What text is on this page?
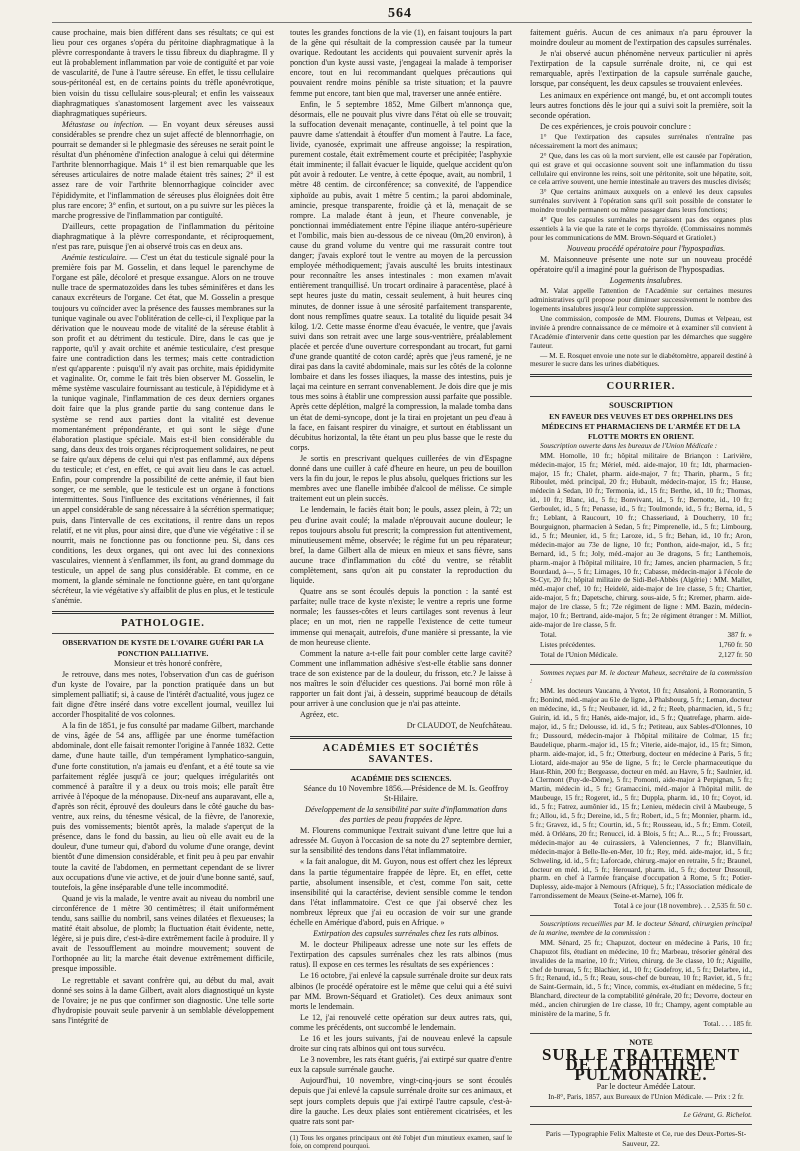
564

cause prochaine, mais bien différent dans ses résultats; ce qui est lieu pour ces organes s'opéra du péritoine diaphragmatique à la plèvre correspondante à travers le tissu fibreux du diaphragme. Il y eut là probablement inflammation par voie de contiguïté et par voie de vascularité, de l'une à l'autre séreuse. En effet, le tissu cellulaire sous-péritonéal est, en de certains points du trèfle aponévrotique, bien voisin du tissu cellulaire sous-pleural; et enfin les vaisseaux diaphragmatiques s'anastomosent largement avec les vaisseaux diaphragmatiques supérieurs.

Métastase ou infection. — En voyant deux séreuses aussi considérables se prendre chez un sujet affecté de blennorrhagie, on pourrait se demander si le phlegmasie des séreuses ne serait point le résultat d'un phénomène d'infection analogue à celui qui détermine l'arthrite blennorrhagique. Mais 1° il est bien remarquable que les séreuses articulaires de notre malade étaient très saines; 2° il est assez rare de voir l'arthrite blennorrhagique coïncider avec l'épididymite, et l'inflammation de séreuses plus éloignées doit être plus rare encore; 3° enfin, et surtout, on a pu suivre sur les pièces la marche progressive de l'inflammation par contiguïté.

D'ailleurs, cette propagation de l'inflammation du péritoine diaphragmatique à la plèvre correspondante, et réciproquement, n'est pas rare, puisque j'en ai observé trois cas en deux ans.

Anémie testiculaire. — C'est un état du testicule signalé pour la première fois par M. Gosselin, et dans lequel le parenchyme de l'organe est pâle, décoloré et presque exsangue. Alors on ne trouve nulle trace de spermatozoïdes dans les tubes séminifères et dans les canaux excréteurs de l'organe. Cet état, que M. Gosselin a presque toujours vu coïncider avec la présence des fausses membranes sur la tunique vaginale ou avec l'oblitération de celle-ci, il l'explique par la dérivation que le nouveau mode de vitalité de la séreuse établit à son profit et au détriment du testicule. Dire, dans le cas que je rapporte, qu'il y avait orchite et anémie testiculaire, c'est presque faire une contradiction dans les termes; mais cette contradiction n'est qu'apparente : puisqu'il n'y avait pas orchite, mais épididymite et vaginalite. Or, comme le fait très bien observer M. Gosselin, le même système vasculaire fournissant au testicule, à l'épididyme et à la tunique vaginale, l'inflammation de ces deux derniers organes doit faire que la plus grande partie du sang contenue dans le système se rend aux parties dont la vitalité est devenue momentanément prépondérante, et qui sont le siège d'une élaboration plastique spéciale. Mais est-il bien considérable du sang, dans deux des trois organes réciproquement solidaires, ne peut se faire qu'aux dépens de celui qui n'est pas enflammé, aux dépens du testicule; et c'est, en effet, ce qui avait lieu dans le cas actuel. Enfin, pour comprendre la possibilité de cette anémie, il faut bien songer, ce me semble, que le testicule est un organe à fonctions intermittentes. Sous l'influence des excitations vénériennes, il fait un appel considérable de sang nécessaire à la sécrétion spermatique; puis, dans l'intervalle de ces excitations, il rentre dans un repos relatif, et ne vit plus, pour ainsi dire, que d'une vie végétative : il se nourrit, mais ne fonctionne pas ou fonctionne peu. Si, dans ces conditions, les deux organes, qui ont avec lui des connexions vasculaires, viennent à s'enflammer, ils font, au grand dommage du testicule, un appel de sang plus considérable. Et comme, en ce moment, la glande séminale ne fonctionne guère, en tant qu'organe sécréteur, la vie végétative s'y affaiblit de plus en plus, et le testicule s'anémie.

PATHOLOGIE.
OBSERVATION DE KYSTE DE L'OVAIRE GUÉRI PAR LA PONCTION PALLIATIVE.

Monsieur et très honoré confrère,

Je retrouve, dans mes notes, l'observation d'un cas de guérison d'un kyste de l'ovaire, par la ponction pratiquée dans un but simplement palliatif; si, à cause de l'intérêt d'actualité, vous jugez ce fait digne d'être inséré dans votre excellent journal, veuillez lui accorder l'hospitalité de vos colonnes.

A la fin de 1851, je fus consulté par madame Gilbert, marchande de vins, âgée de 54 ans, affligée par une énorme tuméfaction abdominale, dont elle faisait remonter l'origine à l'année 1832. Cette dame, d'une haute taille, d'un tempérament lymphatico-sanguin, d'une forte constitution, n'a jamais eu d'enfant, et a été toute sa vie parfaitement réglée jusqu'à ce jour; quelques irrégularités ont commencé à paraître il y a deux ou trois mois; elle paraît être arrivée à l'époque de la ménopause. Dix-neuf ans auparavant, elle a, d'après son récit, éprouvé des douleurs dans le côté gauche du bas-ventre, aux reins, du ténesme vésical, de la fièvre, de l'anorexie, puis des vomissements; bientôt après, la malade s'aperçut de la présence, dans le fond du bassin, au lieu où elle avait eu de la douleur, d'une tumeur qui, d'abord du volume d'une orange, devint bientôt d'une dimension considérable, et finit peu à peu par envahir toute la cavité de l'abdomen, en permettant cependant de se livrer aux occupations d'une vie active, et de jouir d'une bonne santé, sauf, toutefois, la gêne inséparable d'une telle incommodité.

Quand je vis la malade, le ventre avait au niveau du nombril une circonférence de 1 mètre 30 centimètres; il était uniformément tendu, sans saillie du nombril, sans veines dilatées et flexueuses; la matité était absolue, de plomb; la fluctuation était évidente, nette, légère, si je puis dire, c'est-à-dire extrêmement facile à produire. Il y avait de l'essoufflement au moindre mouvement; souvent de l'orthopnée au lit; la marche était devenue extrêmement difficile, presque impossible.

Le regrettable et savant confrère qui, au début du mal, avait donné ses soins à la dame Gilbert, avait alors diagnostiqué un kyste de l'ovaire; je ne pus que confirmer son diagnostic. Une telle sorte d'hydropisie pouvait seule parvenir à un semblable développement sans l'intégrité de

toutes les grandes fonctions de la vie (1), en faisant toujours la part de la gêne qui résultait de la compression causée par la tumeur ovarique. Redoutant les accidents qui pouvaient survenir après la ponction d'un kyste aussi vaste, j'engageai la malade à temporiser encore, tout en lui recommandant quelques précautions qui pouvaient rendre moins pénible sa triste situation; et la pauvre femme put encore, tant bien que mal, traverser une année entière.

Enfin, le 5 septembre 1852, Mme Gilbert m'annonça que, désormais, elle ne pouvait plus vivre dans l'état où elle se trouvait; la suffocation devenait menaçante, continuelle, à tel point que la pauvre dame s'attendait à étouffer d'un moment à l'autre. La face, livide, cyanosée, exprimait une affreuse angoisse; la respiration, purement costale, était extrêmement courte et précipitée; l'asphyxie était imminente; il fallait évacuer le liquide, quelque accident qu'on pût avoir à redouter. Le ventre, à cette époque, avait, au nombril, 1 mètre 48 centim. de circonférence; sa convexité, de l'appendice xiphoïde au pubis, avait 1 mètre 5 centim.; la paroi abdominale, amincie, presque transparente, froidie çà et là, menaçait de se rompre. La malade étant à jeun, et l'heure convenable, je ponctionnai immédiatement entre l'épine iliaque antéro-supérieure et l'ombilic, mais bien au-dessous de ce niveau (0m,20 environ), à cause du grand volume du ventre qui me rassurait contre tout danger; j'avais exploré tout le ventre au moyen de la percussion employée méthodiquement; j'avais ausculté les bruits intestinaux pour reconnaître les anses intestinales : mon examen m'avait entièrement tranquillisé. Un trocart ordinaire à paracentèse, placé à sept heures juste du matin, cessait seulement, à huit heures cinq minutes, de donner issue à une sérosité parfaitement transparente, dont nous remplîmes quatre seaux. La totalité du liquide pesait 34 kilog. 1/2. Cette masse énorme d'eau évacuée, le ventre, que j'avais suivi dans son retrait avec une large sous-ventrière, préalablement placée et percée d'une ouverture correspondant au trocart, fut garni d'une grande quantité de coton cardé; après que j'eus ramené, je ne dirai pas dans la cavité abdominale, mais sur les côtés de la colonne lombaire et dans les fosses iliaques, la masse des intestins, puis je laçai ma ceinture en serrant convenablement. Je dois dire que je mis tous mes soins à établir une compression aussi parfaite que possible. Après cette déplétion, malgré la compression, la malade tomba dans un état de demi-syncope, dont je la tirai en projetant un peu d'eau à la face, en faisant respirer du vinaigre, et surtout en établissant un décubitus horizontal, la tête étant un peu plus basse que le reste du corps.

Je sortis en prescrivant quelques cuillerées de vin d'Espagne donné dans une cuiller à café d'heure en heure, un peu de bouillon vers la fin du jour, le repos le plus absolu, quelques frictions sur les membres avec une flanelle imbibée d'alcool de mélisse. Ce simple traitement eut un plein succès.

Le lendemain, le faciès était bon; le pouls, assez plein, à 72; un peu d'urine avait coulé; la malade n'éprouvait aucune douleur; le repos toujours absolu fut prescrit; la compression fut attentivement, minutieusement même, observée; le régime fut un peu réparateur; bref, la dame Gilbert alla de mieux en mieux et sans fièvre, sans aucune trace d'inflammation du côté du ventre, se rétablit complètement, sans qu'on ait pu constater la reproduction du liquide.

Quatre ans se sont écoulés depuis la ponction : la santé est parfaite; nulle trace de kyste n'existe; le ventre a repris une forme normale; les fausses-côtes et leurs cartilages sont revenus à leur place; en un mot, rien ne rappelle l'existence de cette tumeur immense qui menaçait, autrefois, d'une manière si pressante, la vie de mon heureuse cliente.

Comment la nature a-t-elle fait pour combler cette large cavité? Comment une inflammation adhésive s'est-elle établie sans donner trace de son existence par de la douleur, du frisson, etc.? Je laisse à nos maîtres le soin d'élucider ces questions. J'ai borné mon rôle à rapporter un fait dont j'ai, à dessein, supprimé beaucoup de détails pour arriver à une conclusion que je n'ai pas atteinte.

Agréez, etc.

Dr CLAUDOT, de Neufchâteau.

ACADÉMIES ET SOCIÉTÉS SAVANTES.
ACADÉMIE DES SCIENCES.

Séance du 10 Novembre 1856.—Présidence de M. Is. Geoffroy St-Hilaire.

Développement de la sensibilité par suite d'inflammation dans des parties de peau frappées de lèpre.

M. Flourens communique l'extrait suivant d'une lettre que lui a adressée M. Guyon à l'occasion de sa note du 27 septembre dernier, sur la sensibilité des tendons dans l'état inflammatoire.

« Ia fait analogue, dit M. Guyon, nous est offert chez les lépreux dans la partie tégumentaire frappée de lèpre. Et, en effet, cette partie, absolument insensible, et c'est, comme l'on sait, cette insensibilité qui la caractérise, devient sensible comme le tendon dans l'état inflammatoire. C'est ce que j'ai observé chez les nombreux lépreux que j'ai eu occasion de voir sur une grande échelle en Amérique d'abord, puis en Afrique. »

Extirpation des capsules surrénales chez les rats albinos.

M. le docteur Philipeaux adresse une note sur les effets de l'extirpation des capsules surrénales chez les rats albinos (mus ratus). Il expose en ces termes les résultats de ses expériences :

Le 16 octobre, j'ai enlevé la capsule surrénale droite sur deux rats albinos (le procédé opératoire est le même que celui qui a été suivi par MM. Brown-Séquard et Gratiolet). Ces deux animaux sont morts le lendemain.

Le 12, j'ai renouvelé cette opération sur deux autres rats, qui, comme les précédents, ont succombé le lendemain.

Le 16 et les jours suivants, j'ai de nouveau enlevé la capsule droite sur cinq rats albinos qui ont tous survécu.

Le 3 novembre, les rats étant guéris, j'ai extirpé sur quatre d'entre eux la capsule surrénale gauche.

Aujourd'hui, 10 novembre, vingt-cinq-jours se sont écoulés depuis que j'ai enlevé la capsule surrénale droite sur ces animaux, et sept jours complets depuis que j'ai extirpé l'autre capsule, c'est-à-dire la gauche. Les deux plaies sont entièrement cicatrisées, et les quatre rats sont par-

(1) Tous les organes principaux ont été l'objet d'un minutieux examen, sauf le foie, on comprend pourquoi.

faitement guéris. Aucun de ces animaux n'a paru éprouver la moindre douleur au moment de l'extirpation des capsules surrénales.

Je n'ai observé aucun phénomène nerveux particulier ni après l'extirpation de la capsule surrénale droite, ni, ce qui est remarquable, après l'extirpation de la capsule surrénale gauche, lorsque, par conséquent, les deux capsules se trouvaient enlevées.

Les animaux en expérience ont mangé, bu, et ont accompli toutes leurs autres fonctions dès le jour qui a suivi soit la première, soit la seconde opération.

De ces expériences, je crois pouvoir conclure :

1° Que l'extirpation des capsules surrénales n'entraîne pas nécessairement la mort des animaux;

2° Que, dans les cas où la mort survient, elle est causée par l'opération, qui est grave et qui occasionne souvent soit une inflammation du tissu cellulaire qui environne les reins, soit une péritonite, soit une hépatite, soit, ce cela arrive souvent, une hernie intestinale au travers des muscles divisés;

3° Que certains animaux auxquels on a enlevé les deux capsules surrénales survivent à l'opération sans qu'il soit possible de constater le moindre trouble permanent ou même passager dans leurs fonctions;

4° Que les capsules surrénales ne paraissent pas des organes plus essentiels à la vie que la rate et le corps thyroïde. (Commissaires nommés pour les communications de MM. Brown-Séquard et Gratiolet.)

Nouveau procédé opératoire pour l'hypospadias.

M. Maisonneuve présente une note sur un nouveau procédé opératoire qu'il a imaginé pour la guérison de l'hypospadias.

Logements insalubres.

M. Valat appelle l'attention de l'Académie sur certaines mesures administratives qu'il propose pour diminuer successivement le nombre des logements insalubres jusqu'à leur complète suppression.

Une commission, composée de MM. Flourens, Dumas et Velpeau, est invitée à prendre connaissance de ce mémoire et à examiner s'il convient à l'Académie d'intervenir dans cette question par les démarches que suggère l'auteur.

— M. E. Rosquet envoie une note sur le diabétomètre, appareil destiné à mesurer le sucre dans les urines diabétiques.

COURRIER.
SOUSCRIPTION
EN FAVEUR DES VEUVES ET DES ORPHELINS DES MÉDECINS ET PHARMACIENS DE L'ARMÉE ET DE LA FLOTTE MORTS EN ORIENT.

Souscription ouverte dans les bureaux de l'Union Médicale :

MM. Homolle, 10 fr.; hôpital militaire de Briançon : Larivière, médecin-major, 15 fr.; Mériel, méd. aide-major, 10 fr.; Idt, pharmacien-major, 15 fr.; Chalet, pharm. aide-major, 7 fr.; Tharin, pharm., 5 fr.; Riboulet, méd. principal, 20 fr.; Hubault, médecin-major, 15 fr.; Hause, médecin à Sedan, 10 fr.; Termonia, id., 15 fr.; Berthe, id., 10 fr.; Thomas, id., 10 fr.; Blanc, id., 5 fr.; Bonvivant, id., 5 fr.; Bernotte, id., 10 fr.; Gerboulet, id., 5 fr.; Penasse, id., 5 fr.; Toulmonde, id., 5 fr.; Berna, id., 5 fr.; Leblant, à Raucourt, 10 fr.; Chasseriaud, à Doucherry, 10 fr.; Bourguignon, pharmacien à Sedan, 5 fr.; Pimprenelle, id., 5 fr.; Limbourg, id., 5 fr.; Meunier, id., 5 fr.; Laroze, id., 5 fr.; Behan, id., 10 fr.; Aron, médecin-major au 73e de ligne, 10 fr.; Ponthon, aide-major, id., 5 fr.; Bernard, id., 5 fr.; Joly, méd.-major au 3e dragons, 5 fr.; Lanthemois, pharm.-major à l'hôpital militaire, 10 fr.; James, ancien pharmacien, 5 fr.; Bourdaud, à—, 5 fr.; Limages, 10 fr.; Cabasse, médecin-major à l'école de St-Cyr, 20 fr.; hôpital militaire de Sidi-Bel-Abbès (Algérie) : MM. Mallet, méd.-major chef, 10 fr.; Heidelé, aide-major de 1re classe, 5 fr.; Chartier, aide-major, 5 fr.; Dapetsche, chirurg. sous-aide, 5 fr.; Kremer, pharm. aide-major de 1re classe, 5 fr.; 72e régiment de ligne : MM. Bazin, médecin-major, 10 fr.; Bertrand, aide-major, 5 fr.; 2e régiment étranger : M. Milliot, aide-major de 1re classe, 5 fr.

Total.	387 fr. »

Listes précédentes.	1,760 fr. 50

Total de l'Union Médicale.	2,127 fr. 50

Sommes reçues par M. le docteur Maheux, secrétaire de la commission :

MM. les docteurs Vaucanu, à Yvetot, 10 fr.; Ansaloni, à Romorantin, 5 fr.; Bonind, méd.-major au 61e de ligne, à Phalsbourg, 5 fr.; Leman, docteur en médecine, id., 5 fr.; Neubauer, id. id., 2 fr.; Reeb, pharmacien, id., 5 fr.; Guirin, id. id., 5 fr.; Hanés, aide-major, id., 5 fr.; Quatrefage, pharm. aide-major, id., 5 fr.; Delousse, id. id., 5 fr.; Petiteau, aux Sables-d'Olonnes, 10 fr.; Dussourd, médecin-major à l'hôpital militaire de Colmar, 15 fr.; Baudelique, pharm.-major id., 15 fr.; Viterie, aide-major, id., 15 fr.; Simon, pharm. aide-major, id., 5 fr.; Otterburg, docteur en médecine à Paris, 5 fr.; Liotard, aide-major au 95e de ligne, 5 fr.; le Cercle pharmaceutique du Haut-Rhin, 200 fr.; Bergeasse, docteur en méd. au Havre, 5 fr.; Saulnier, id. à Clermont (Puy-de-Dôme), 5 fr.; Pomonti, aide-major à Perpignan, 5 fr.; Martin, médecin id., 5 fr.; Gramaccini, méd.-major à l'hôpital milit. de Maubeuge, 15 fr.; Rogeret, id., 5 fr.; Duppla, pharm. id., 10 fr.; Coyot, id. id., 5 fr.; Fatrez, aumônier id., 15 fr.; Lenieu, médecin civil à Maubeuge, 5 fr.; Allou, id., 5 fr.; Dereine, id., 5 fr.; Robert, id., 5 fr.; Monnier, pharm. id., 5 fr.; Gravez, id., 5 fr.; Courtin, id., 5 fr.; Rousseau, id., 5 fr.; Emm. Coteil, méd. à Orléans, 20 fr.; Renucci, id. à Blois, 5 fr.; A... R..., 5 fr.; Froussart, médecin-major au 4e cuirassiers, à Valenciennes, 7 fr.; Blanvillain, médecin-major à Belle-Ile-en-Mer, 10 fr.; Rey, méd. aide-major, id., 5 fr.; Schweling, id. id., 5 fr.; Laforcade, chirurg.-major en retraite, 5 fr.; Braunel, docteur en méd. id., 5 fr.; Herouard, pharm. id., 5 fr.; docteur Dussouil, pharm. en chef à l'armée française d'occupation à Rome, 5 fr.; Potier-Duplessy, aide-major à Nemours (Afrique), 5 fr.; l'Association médicale de l'arrondissement de Meaux (Seine-et-Marne), 106 fr.

Total à ce jour (18 novembre). . . 2,535 fr. 50 c.

Souscriptions recueillies par M. le docteur Sénard, chirurgien principal de la marine, membre de la commission :

MM. Sénard, 25 fr.; Chapuzot, docteur en médecine à Paris, 10 fr.; Chapuzot fils, étudiant en médecine, 10 fr.; Marbeau, trésorier général des invalides de la marine, 10 fr.; Virieu, chirurg. de 3e classe, 10 fr.; Aiguille, chef de bureau, 5 fr.; Blachier, id., 10 fr.; Godefroy, id., 5 fr.; Delarbre, id., 5 fr.; Renaud, id., 5 fr.; Reau, sous-chef de bureau, 10 fr.; Ravier, id., 5 fr.; de Saint-Germain, id., 5 fr.; Vince, commis, ex-étudiant en médecine, 5 fr.; Blanchard, directeur de la comptabilité générale, 20 fr.; Devorre, docteur en méd., ancien chirurgien de 1re classe, 10 fr.; Champy, agent comptable au ministère de la marine, 5 fr.

Total. . . . 185 fr.

NOTE
SUR LE TRAITEMENT DE LA PHTHISIE PULMONAIRE.

Par le docteur Amédée Latour.

In-8°, Paris, 1857, aux Bureaux de l'Union Médicale. — Prix : 2 fr.

Le Gérant, G. Richelot.

Paris —Typographie Felix Malteste et Ce, rue des Deux-Portes-St-Sauveur, 22.
